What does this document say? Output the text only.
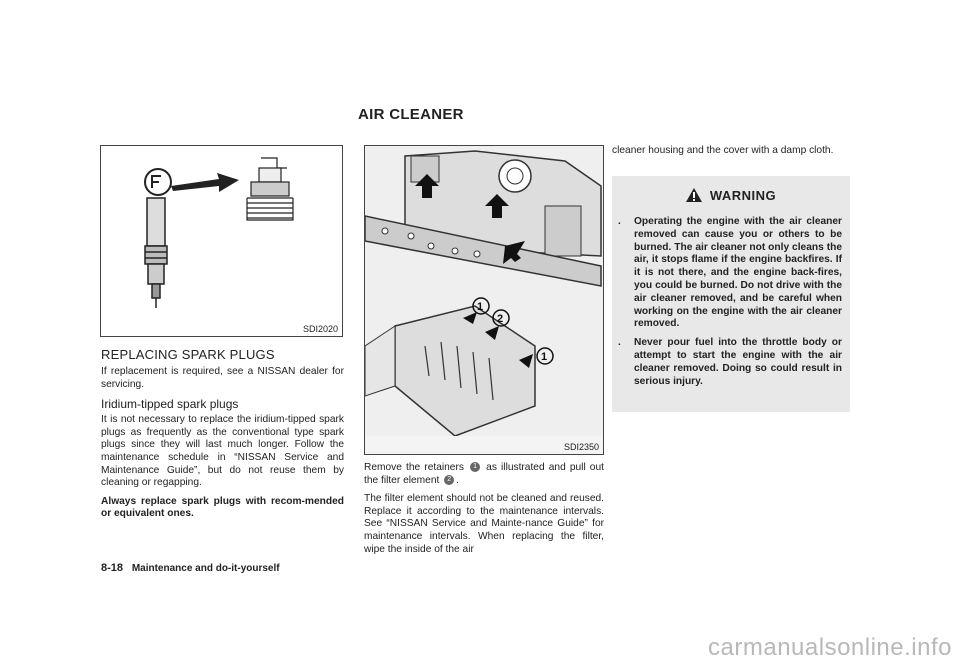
AIR CLEANER
SDI2020
1
2
1
SDI2350
REPLACING SPARK PLUGS

If replacement is required, see a NISSAN dealer for servicing.

Iridium-tipped spark plugs

It is not necessary to replace the iridium-tipped spark plugs as frequently as the conventional type spark plugs since they will last much longer. Follow the maintenance schedule in “NISSAN Service and Maintenance Guide”, but do not reuse them by cleaning or regapping.

Always replace spark plugs with recom-mended or equivalent ones.

Remove the retainers 1 as illustrated and pull out the filter element 2 .

The filter element should not be cleaned and reused. Replace it according to the maintenance intervals. See “NISSAN Service and Mainte-nance Guide” for maintenance intervals. When replacing the filter, wipe the inside of the air

cleaner housing and the cover with a damp cloth.

WARNING
. Operating the engine with the air cleaner removed can cause you or others to be burned. The air cleaner not only cleans the air, it stops flame if the engine backfires. If it is not there, and the engine back-fires, you could be burned. Do not drive with the air cleaner removed, and be careful when working on the engine with the air cleaner removed.
. Never pour fuel into the throttle body or attempt to start the engine with the air cleaner removed. Doing so could result in serious injury.
8-18 Maintenance and do-it-yourself
carmanualsonline.info
